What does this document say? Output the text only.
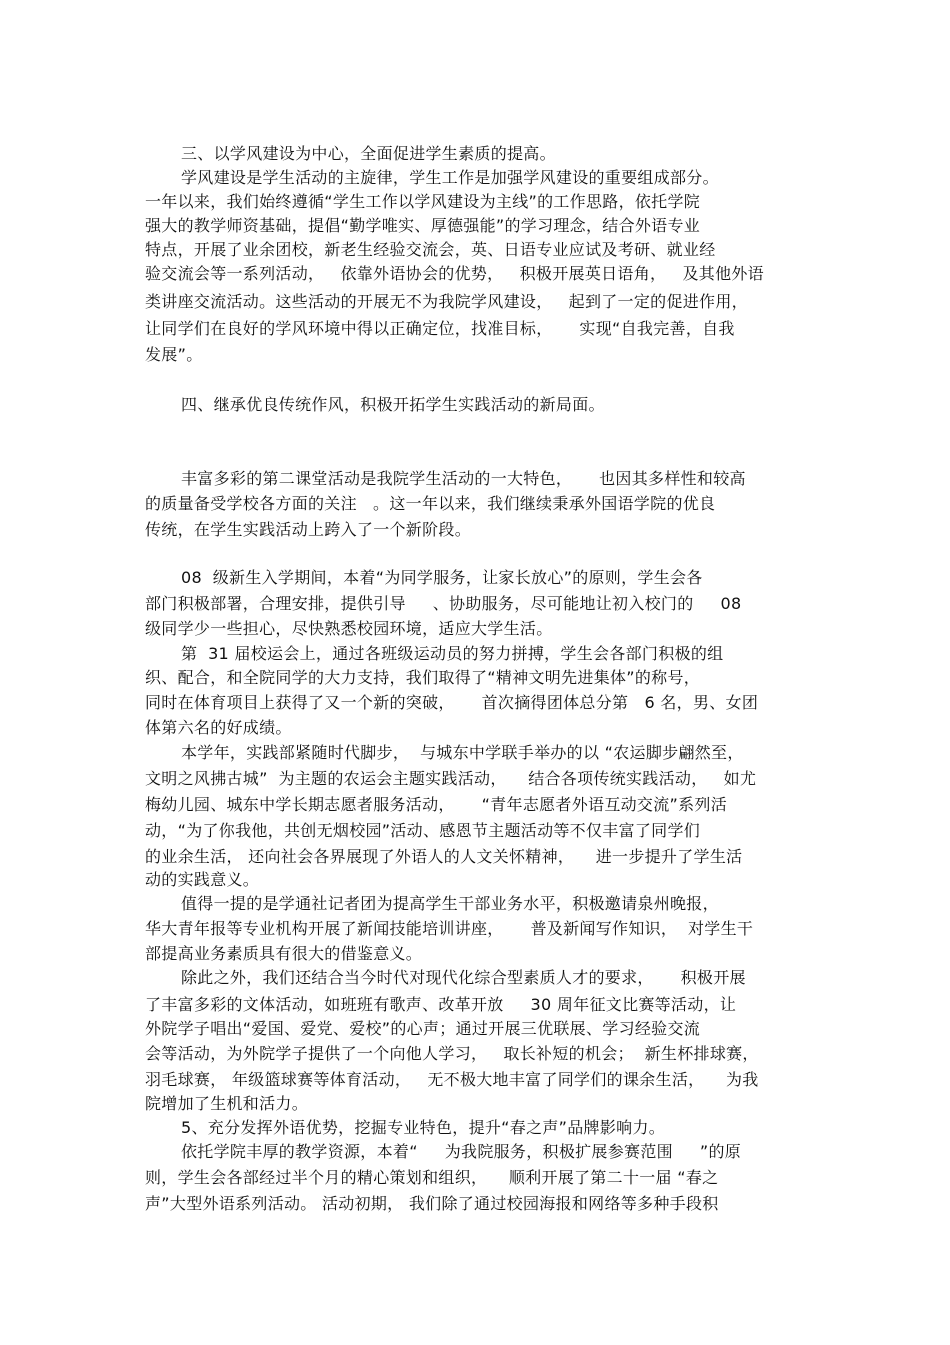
三、以学风建设为中心，全面促进学生素质的提高。
学风建设是学生活动的主旋律，学生工作是加强学风建设的重要组成部分。
一年以来，我们始终遵循“学生工作以学风建设为主线”的工作思路，依托学院
强大的教学师资基础，提倡“勤学唯实、厚德强能”的学习理念，结合外语专业
特点，开展了业余团校，新老生经验交流会，英、日语专业应试及考研、就业经
验交流会等一系列活动，   依靠外语协会的优势，   积极开展英日语角，   及其他外语
类讲座交流活动。这些活动的开展无不为我院学风建设，   起到了一定的促进作用，
让同学们在良好的学风环境中得以正确定位，找准目标，     实现“自我完善，自我
发展”。
四、继承优良传统作风，积极开拓学生实践活动的新局面。
丰富多彩的第二课堂活动是我院学生活动的一大特色，     也因其多样性和较高
的质量备受学校各方面的关注   。这一年以来，我们继续秉承外国语学院的优良
传统，在学生实践活动上跨入了一个新阶段。
08  级新生入学期间，本着“为同学服务，让家长放心”的原则，学生会各
部门积极部署，合理安排，提供引导     、协助服务，尽可能地让初入校门的     08
级同学少一些担心，尽快熟悉校园环境，适应大学生活。
第  31 届校运会上，通过各班级运动员的努力拼搏，学生会各部门积极的组
织、配合，和全院同学的大力支持，我们取得了“精神文明先进集体”的称号，
同时在体育项目上获得了又一个新的突破，     首次摘得团体总分第   6 名，男、女团
体第六名的好成绩。
本学年，实践部紧随时代脚步，  与城东中学联手举办的以 “农运脚步翩然至，
文明之风拂古城”  为主题的农运会主题实践活动，    结合各项传统实践活动，   如尤
梅幼儿园、城东中学长期志愿者服务活动，     “青年志愿者外语互动交流”系列活
动，“为了你我他，共创无烟校园”活动、感恩节主题活动等不仅丰富了同学们
的业余生活， 还向社会各界展现了外语人的人文关怀精神，    进一步提升了学生活
动的实践意义。
值得一提的是学通社记者团为提高学生干部业务水平，积极邀请泉州晚报，
华大青年报等专业机构开展了新闻技能培训讲座，     普及新闻写作知识，  对学生干
部提高业务素质具有很大的借鉴意义。
除此之外，我们还结合当今时代对现代化综合型素质人才的要求，     积极开展
了丰富多彩的文体活动，如班班有歌声、改革开放     30 周年征文比赛等活动，让
外院学子唱出“爱国、爱党、爱校”的心声；通过开展三优联展、学习经验交流
会等活动，为外院学子提供了一个向他人学习，   取长补短的机会；  新生杯排球赛，
羽毛球赛， 年级篮球赛等体育活动，   无不极大地丰富了同学们的课余生活，    为我
院增加了生机和活力。
5、充分发挥外语优势，挖掘专业特色，提升“春之声”品牌影响力。
依托学院丰厚的教学资源，本着“     为我院服务，积极扩展参赛范围     ”的原
则，学生会各部经过半个月的精心策划和组织，    顺利开展了第二十一届 “春之
声”大型外语系列活动。 活动初期， 我们除了通过校园海报和网络等多种手段积
